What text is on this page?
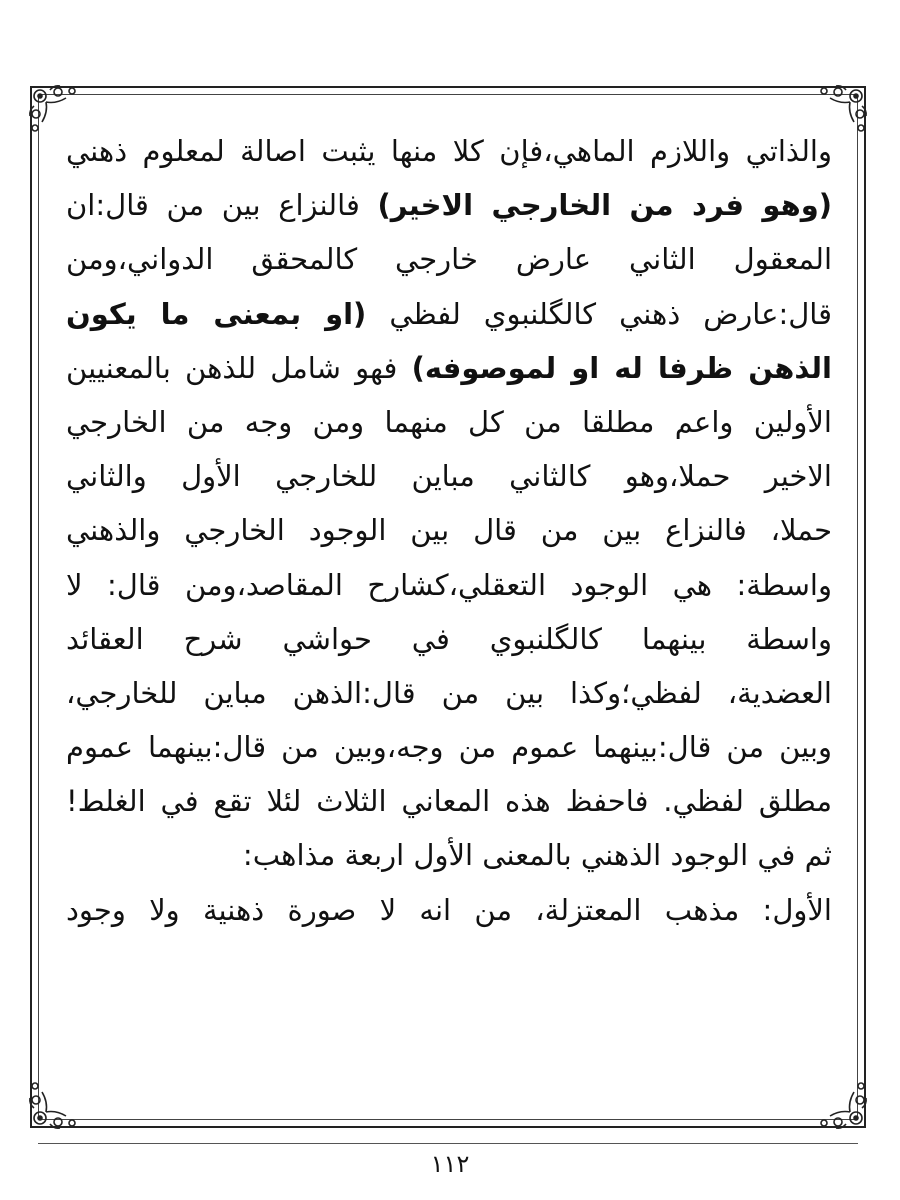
والذاتي واللازم الماهي،فإن كلا منها يثبت اصالة لمعلوم ذهني
(وهو فرد من الخارجي الاخير) فالنزاع بين من قال:ان
المعقول الثاني عارض خارجي كالمحقق الدواني،ومن
قال:عارض ذهني كالگلنبوي لفظي (او بمعنى ما يكون
الذهن ظرفا له او لموصوفه) فهو شامل للذهن بالمعنيين
الأولين واعم مطلقا من كل منهما ومن وجه من الخارجي
الاخير حملا،وهو كالثاني مباين للخارجي الأول والثاني
حملا، فالنزاع بين من قال بين الوجود الخارجي والذهني
واسطة: هي الوجود التعقلي،كشارح المقاصد،ومن قال: لا
واسطة بينهما كالگلنبوي في حواشي شرح العقائد
العضدية، لفظي؛وكذا بين من قال:الذهن مباين للخارجي،
وبين من قال:بينهما عموم من وجه،وبين من قال:بينهما عموم
مطلق لفظي. فاحفظ هذه المعاني الثلاث لئلا تقع في الغلط!
ثم في الوجود الذهني بالمعنى الأول اربعة مذاهب:
الأول: مذهب المعتزلة، من انه لا صورة ذهنية ولا وجود
١١٢
